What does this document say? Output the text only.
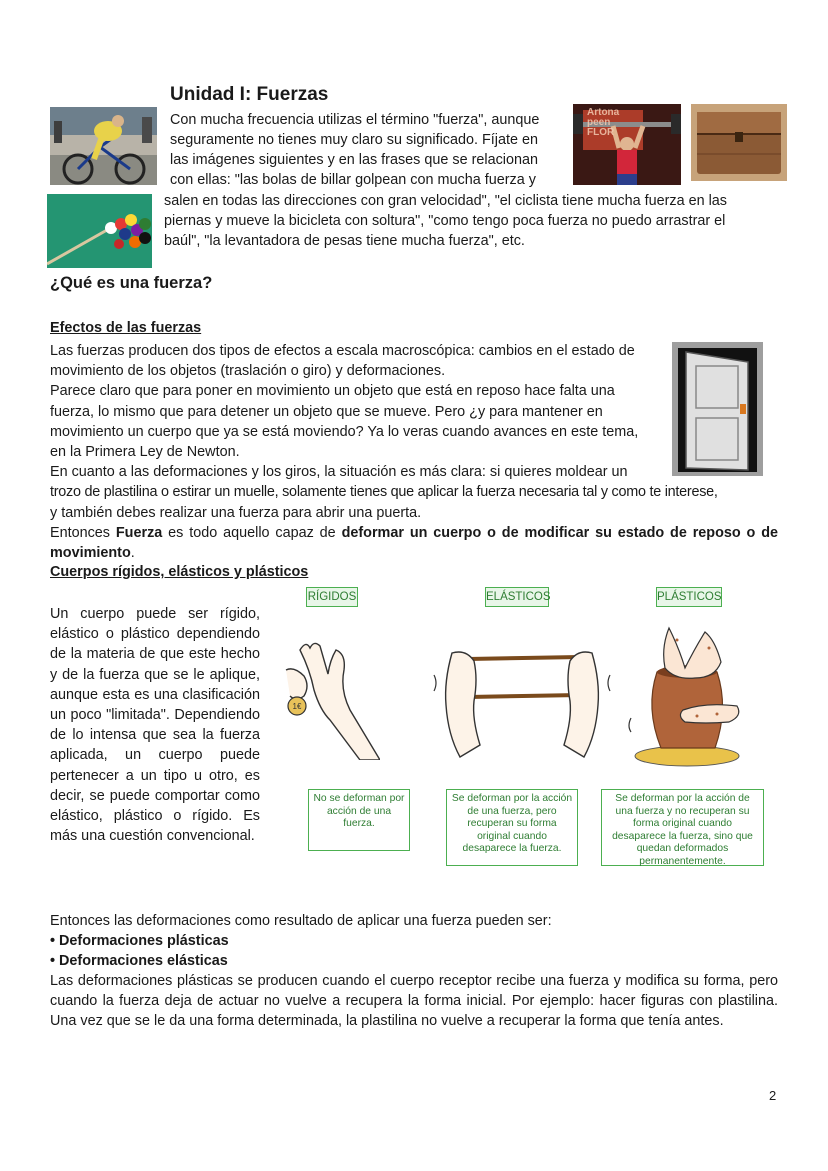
Unidad I: Fuerzas
Artona
peen
FLOR
Con mucha frecuencia utilizas el término "fuerza", aunque
seguramente no tienes muy claro su significado. Fíjate en
las imágenes siguientes y en las frases que se relacionan
con ellas: "las bolas de billar golpean con mucha fuerza y
salen en todas las direcciones con gran velocidad", "el ciclista tiene mucha fuerza en las
piernas y mueve la bicicleta con soltura", "como tengo poca fuerza no puedo arrastrar el
baúl", "la levantadora de pesas tiene mucha fuerza", etc.
¿Qué es una fuerza?
Efectos de las fuerzas
Las fuerzas producen dos tipos de efectos a escala macroscópica: cambios en el estado de
movimiento de los objetos (traslación o giro) y deformaciones.
Parece claro que para poner en movimiento un objeto que está en reposo hace falta una
fuerza, lo mismo que para detener un objeto que se mueve. Pero ¿y para mantener en
movimiento un cuerpo que ya se está moviendo? Ya lo veras cuando avances en este tema,
en la Primera Ley de Newton.
En cuanto a las deformaciones y los giros, la situación es más clara: si quieres moldear un
trozo de plastilina o estirar un muelle, solamente tienes que aplicar la fuerza necesaria tal y como te interese,
y también debes realizar una fuerza para abrir una puerta.

Entonces Fuerza es todo aquello capaz de deformar un cuerpo o de modificar su estado de reposo o de movimiento.

Cuerpos rígidos, elásticos y plásticos

Un cuerpo puede ser rígido, elástico o plástico dependiendo de la materia de que este hecho y de la fuerza que se le aplique, aunque esta es una clasificación un poco "limitada". Dependiendo de lo intensa que sea la fuerza aplicada, un cuerpo puede pertenecer a un tipo u otro, es decir, se puede comportar como elástico, plástico o rígido. Es más una cuestión convencional.

RÍGIDOS	ELÁSTICOS	PLÁSTICOS
1€
No se deforman por acción de una fuerza.
Se deforman por la acción de una fuerza, pero recuperan su forma original cuando desaparece la fuerza.
Se deforman por la acción de una fuerza y no recuperan su forma original cuando desaparece la fuerza, sino que quedan deformados permanentemente.
Entonces las deformaciones como resultado de aplicar una fuerza pueden ser:
• Deformaciones plásticas
• Deformaciones elásticas

Las deformaciones plásticas se producen cuando el cuerpo receptor recibe una fuerza y modifica su forma, pero cuando la fuerza deja de actuar no vuelve a recupera la forma inicial. Por ejemplo: hacer figuras con plastilina. Una vez que se le da una forma determinada, la plastilina no vuelve a recuperar la forma que tenía antes.

2
